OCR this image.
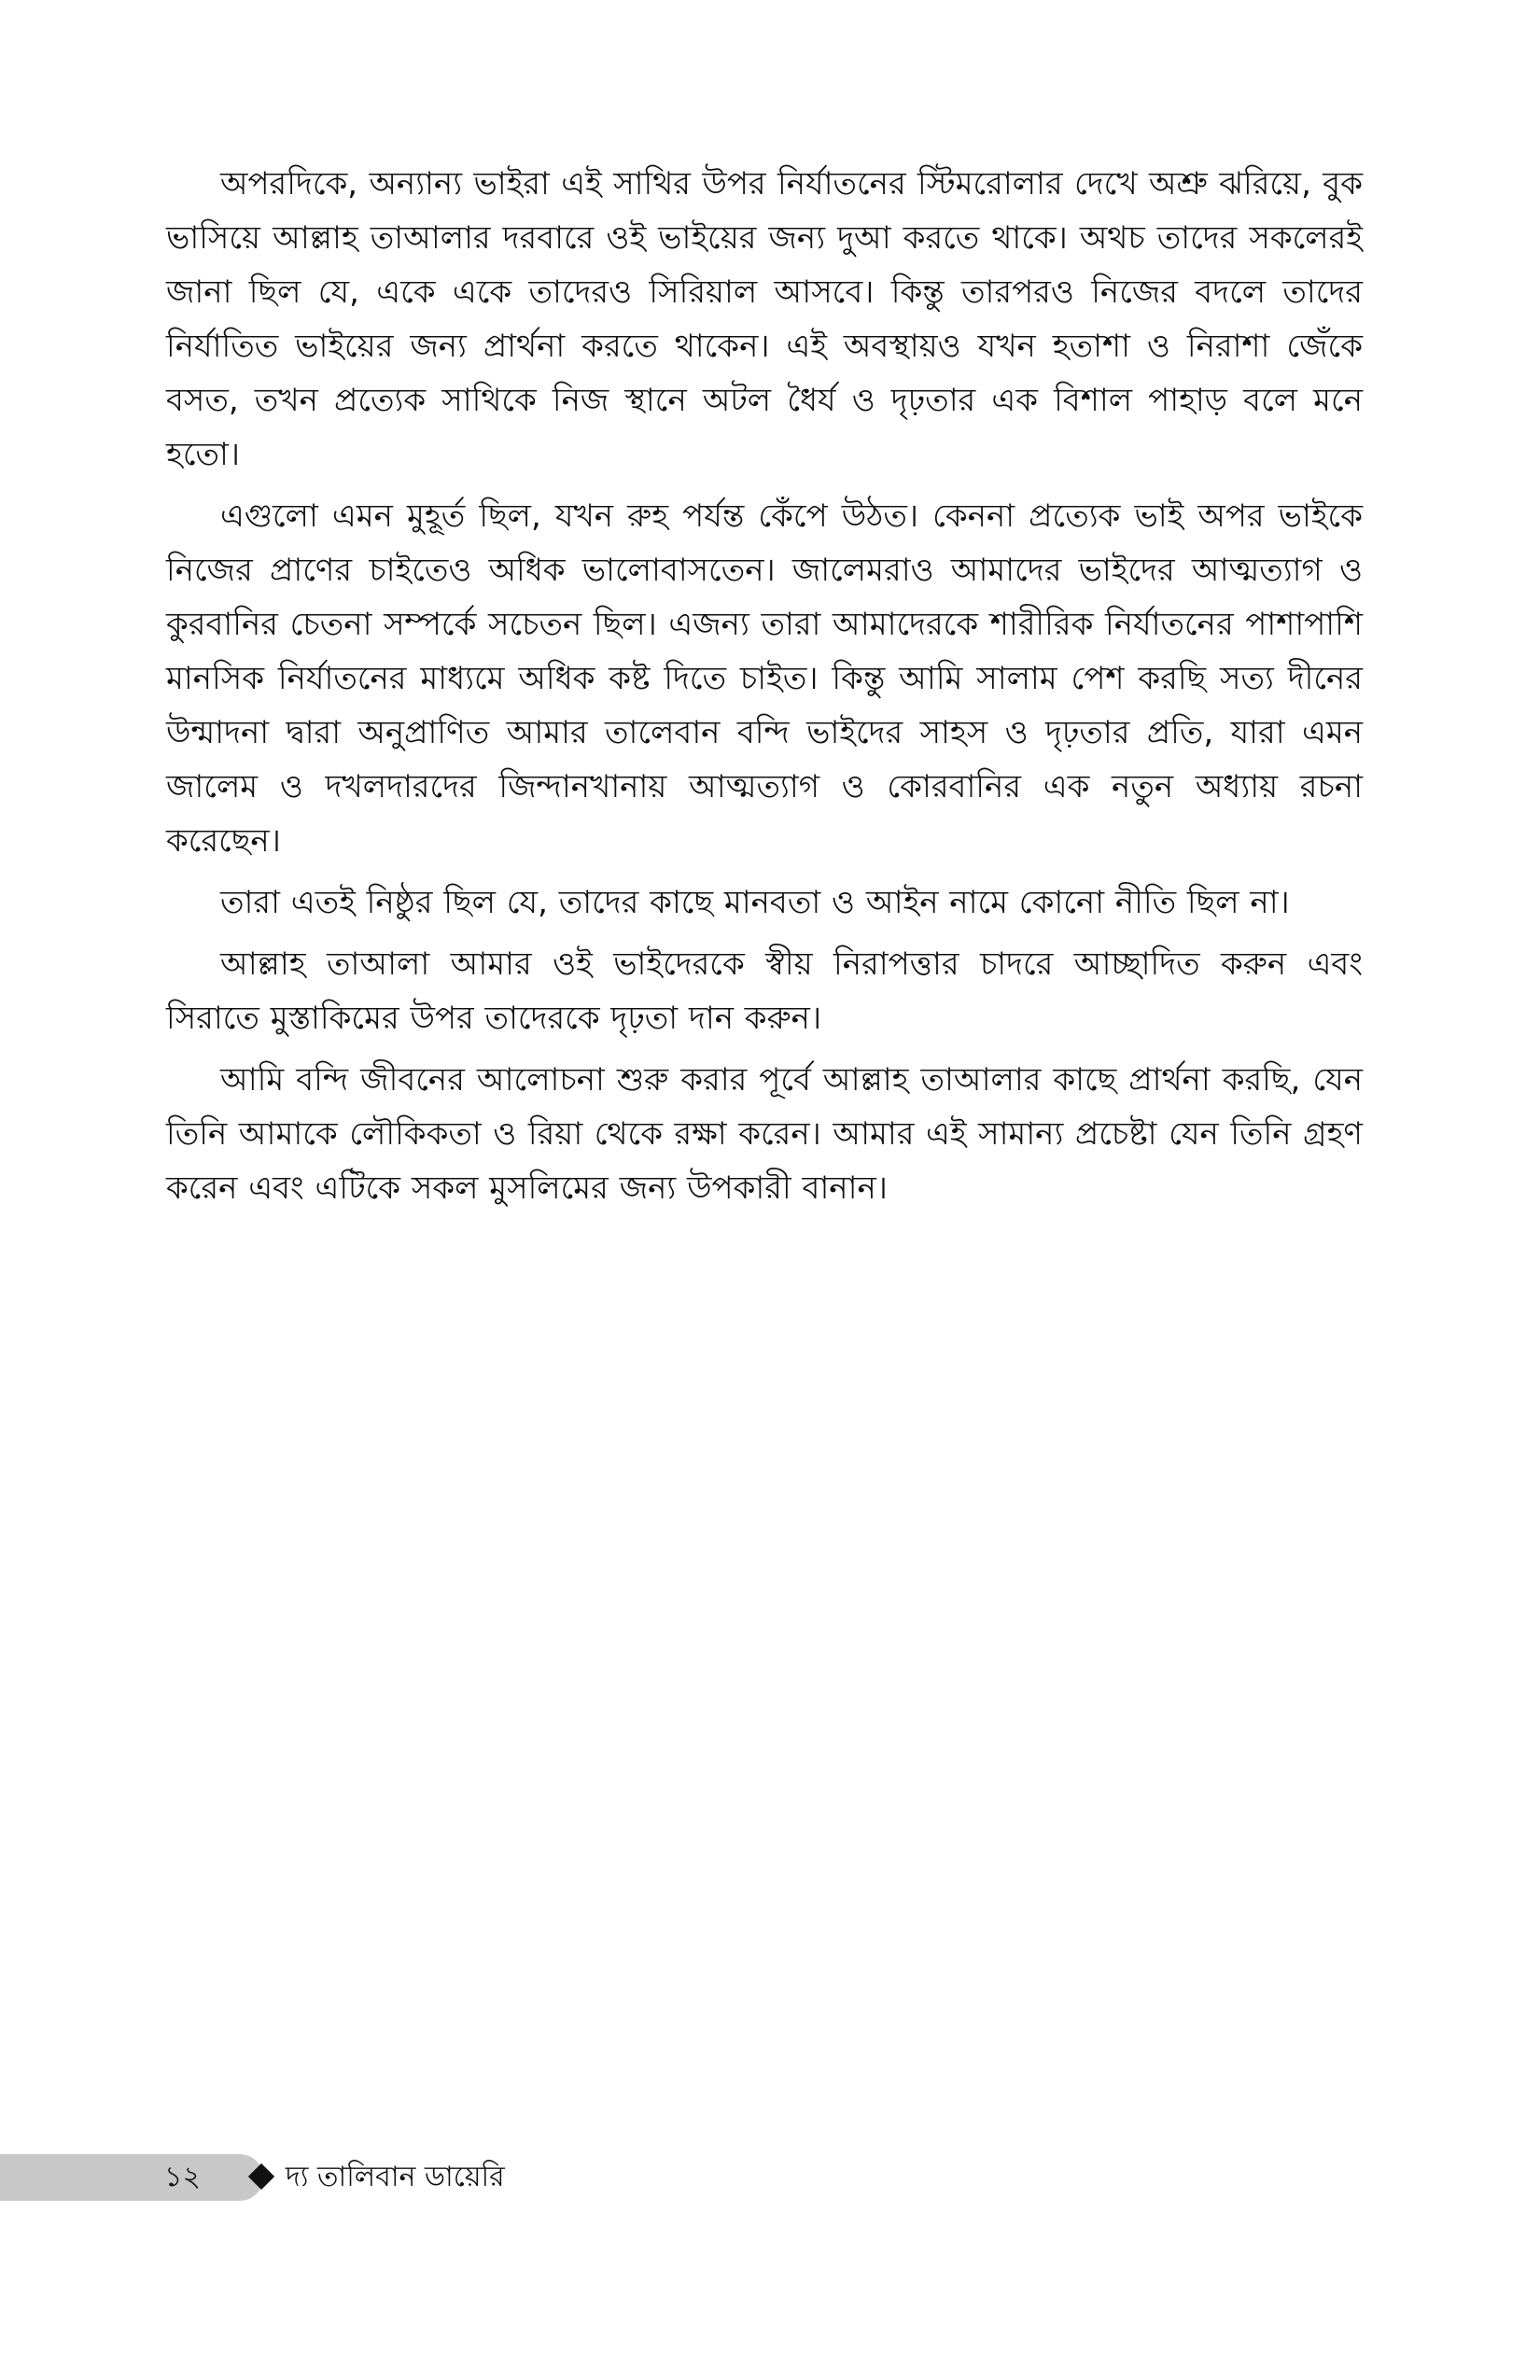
অপরদিকে, অন্যান্য ভাইরা এই সাথির উপর নির্যাতনের স্টিমরোলার দেখে অশ্রু ঝরিয়ে, বুক ভাসিয়ে আল্লাহ তাআলার দরবারে ওই ভাইয়ের জন্য দুআ করতে থাকে। অথচ তাদের সকলেরই জানা ছিল যে, একে একে তাদেরও সিরিয়াল আসবে। কিন্তু তারপরও নিজের বদলে তাদের নির্যাতিত ভাইয়ের জন্য প্রার্থনা করতে থাকেন। এই অবস্থায়ও যখন হতাশা ও নিরাশা জেঁকে বসত, তখন প্রত্যেক সাথিকে নিজ স্থানে অটল ধৈর্য ও দৃঢ়তার এক বিশাল পাহাড় বলে মনে হতো।

এগুলো এমন মুহূর্ত ছিল, যখন রুহ পর্যন্ত কেঁপে উঠত। কেননা প্রত্যেক ভাই অপর ভাইকে নিজের প্রাণের চাইতেও অধিক ভালোবাসতেন। জালেমরাও আমাদের ভাইদের আত্মত্যাগ ও কুরবানির চেতনা সম্পর্কে সচেতন ছিল। এজন্য তারা আমাদেরকে শারীরিক নির্যাতনের পাশাপাশি মানসিক নির্যাতনের মাধ্যমে অধিক কষ্ট দিতে চাইত। কিন্তু আমি সালাম পেশ করছি সত্য দীনের উন্মাদনা দ্বারা অনুপ্রাণিত আমার তালেবান বন্দি ভাইদের সাহস ও দৃঢ়তার প্রতি, যারা এমন জালেম ও দখলদারদের জিন্দানখানায় আত্মত্যাগ ও কোরবানির এক নতুন অধ্যায় রচনা করেছেন।

তারা এতই নিষ্ঠুর ছিল যে, তাদের কাছে মানবতা ও আইন নামে কোনো নীতি ছিল না।

আল্লাহ তাআলা আমার ওই ভাইদেরকে স্বীয় নিরাপত্তার চাদরে আচ্ছাদিত করুন এবং সিরাতে মুস্তাকিমের উপর তাদেরকে দৃঢ়তা দান করুন।

আমি বন্দি জীবনের আলোচনা শুরু করার পূর্বে আল্লাহ তাআলার কাছে প্রার্থনা করছি, যেন তিনি আমাকে লৌকিকতা ও রিয়া থেকে রক্ষা করেন। আমার এই সামান্য প্রচেষ্টা যেন তিনি গ্রহণ করেন এবং এটিকে সকল মুসলিমের জন্য উপকারী বানান।

১২	দ্য তালিবান ডায়েরি
